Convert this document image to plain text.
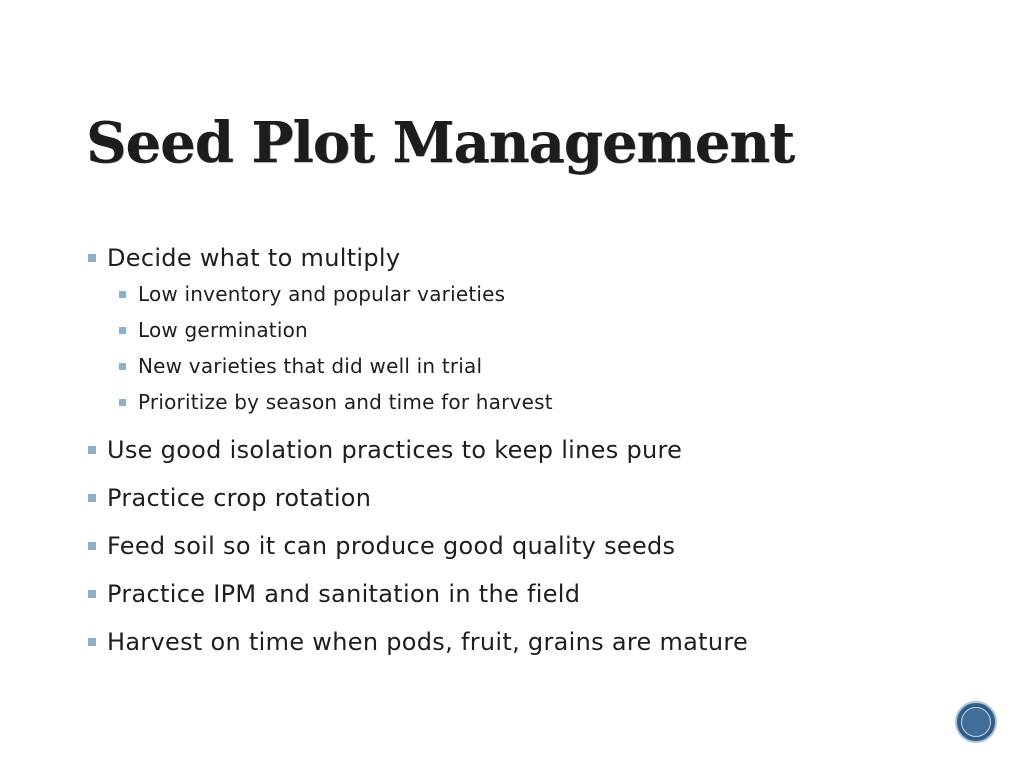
Seed Plot Management
Decide what to multiply
Low inventory and popular varieties
Low germination
New varieties that did well in trial
Prioritize by season and time for harvest
Use good isolation practices to keep lines pure
Practice crop rotation
Feed soil so it can produce good quality seeds
Practice IPM and sanitation in the field
Harvest on time when pods, fruit, grains are mature
